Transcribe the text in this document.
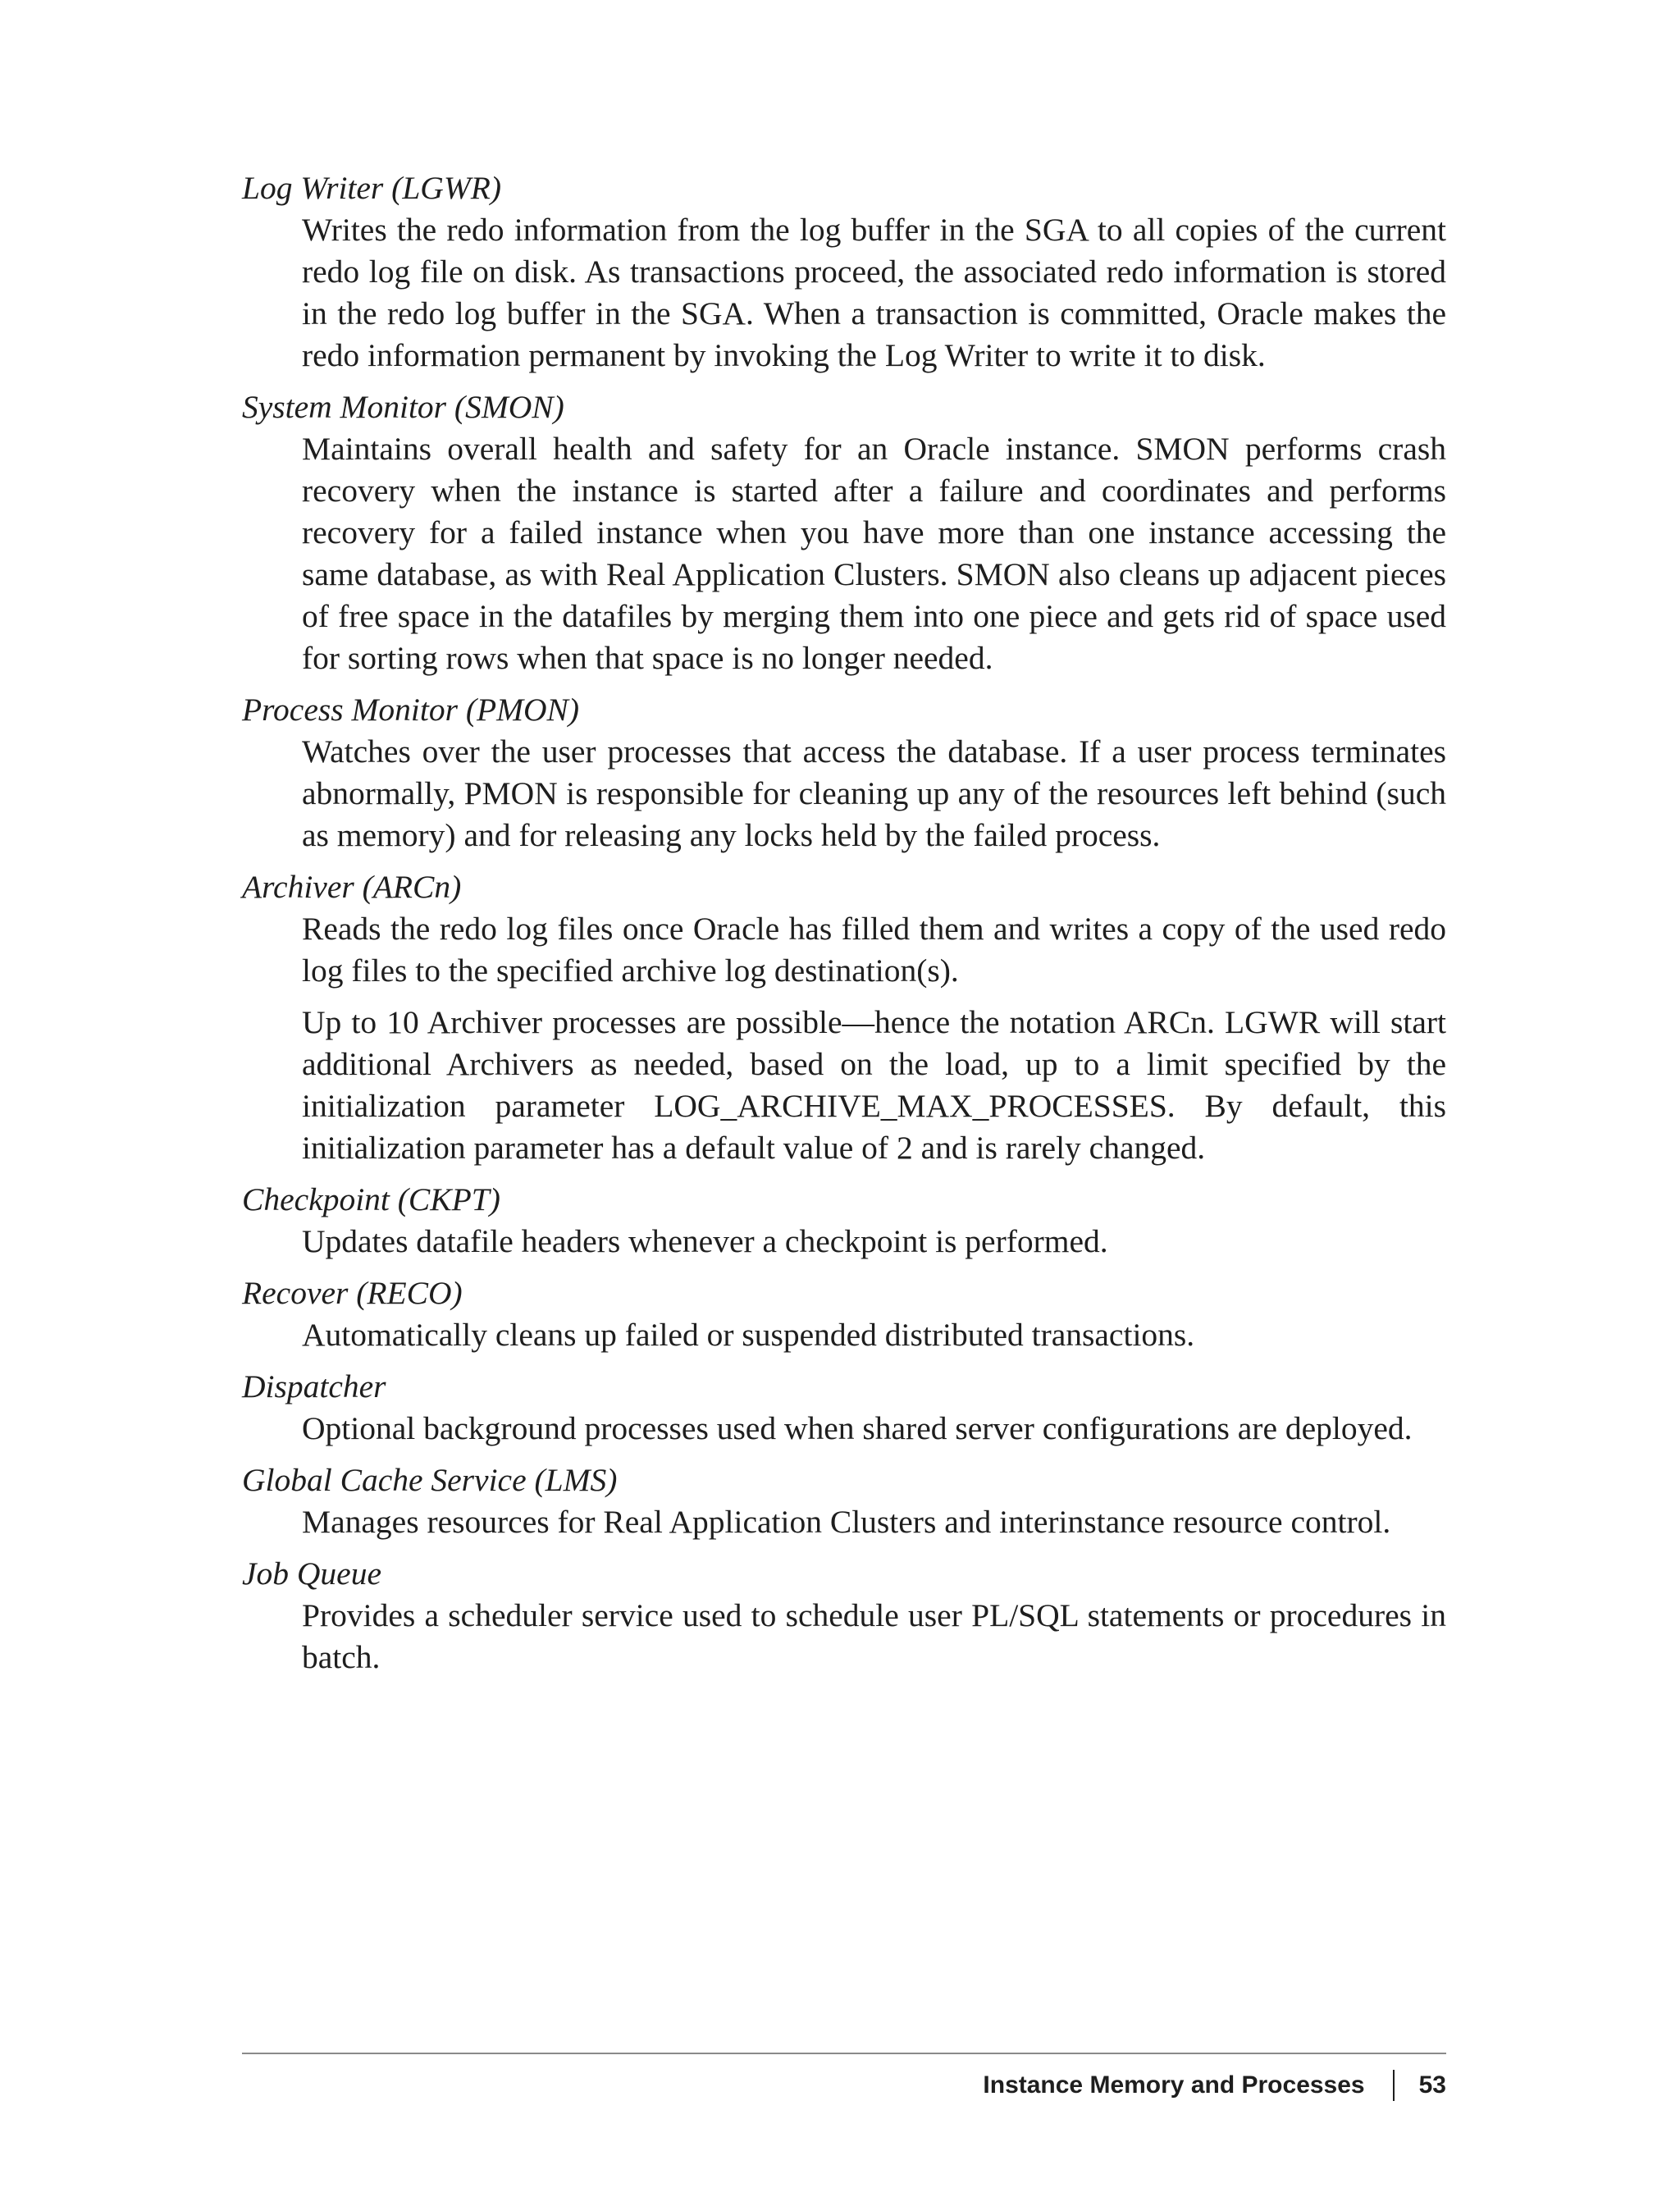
Log Writer (LGWR)

Writes the redo information from the log buffer in the SGA to all copies of the current redo log file on disk. As transactions proceed, the associated redo information is stored in the redo log buffer in the SGA. When a transaction is committed, Oracle makes the redo information permanent by invoking the Log Writer to write it to disk.

System Monitor (SMON)

Maintains overall health and safety for an Oracle instance. SMON performs crash recovery when the instance is started after a failure and coordinates and performs recovery for a failed instance when you have more than one instance accessing the same database, as with Real Application Clusters. SMON also cleans up adjacent pieces of free space in the datafiles by merging them into one piece and gets rid of space used for sorting rows when that space is no longer needed.

Process Monitor (PMON)

Watches over the user processes that access the database. If a user process terminates abnormally, PMON is responsible for cleaning up any of the resources left behind (such as memory) and for releasing any locks held by the failed process.

Archiver (ARCn)

Reads the redo log files once Oracle has filled them and writes a copy of the used redo log files to the specified archive log destination(s).

Up to 10 Archiver processes are possible—hence the notation ARCn. LGWR will start additional Archivers as needed, based on the load, up to a limit specified by the initialization parameter LOG_ARCHIVE_MAX_PROCESSES. By default, this initialization parameter has a default value of 2 and is rarely changed.

Checkpoint (CKPT)

Updates datafile headers whenever a checkpoint is performed.

Recover (RECO)

Automatically cleans up failed or suspended distributed transactions.

Dispatcher

Optional background processes used when shared server configurations are deployed.

Global Cache Service (LMS)

Manages resources for Real Application Clusters and interinstance resource control.

Job Queue

Provides a scheduler service used to schedule user PL/SQL statements or procedures in batch.

Instance Memory and Processes 53
